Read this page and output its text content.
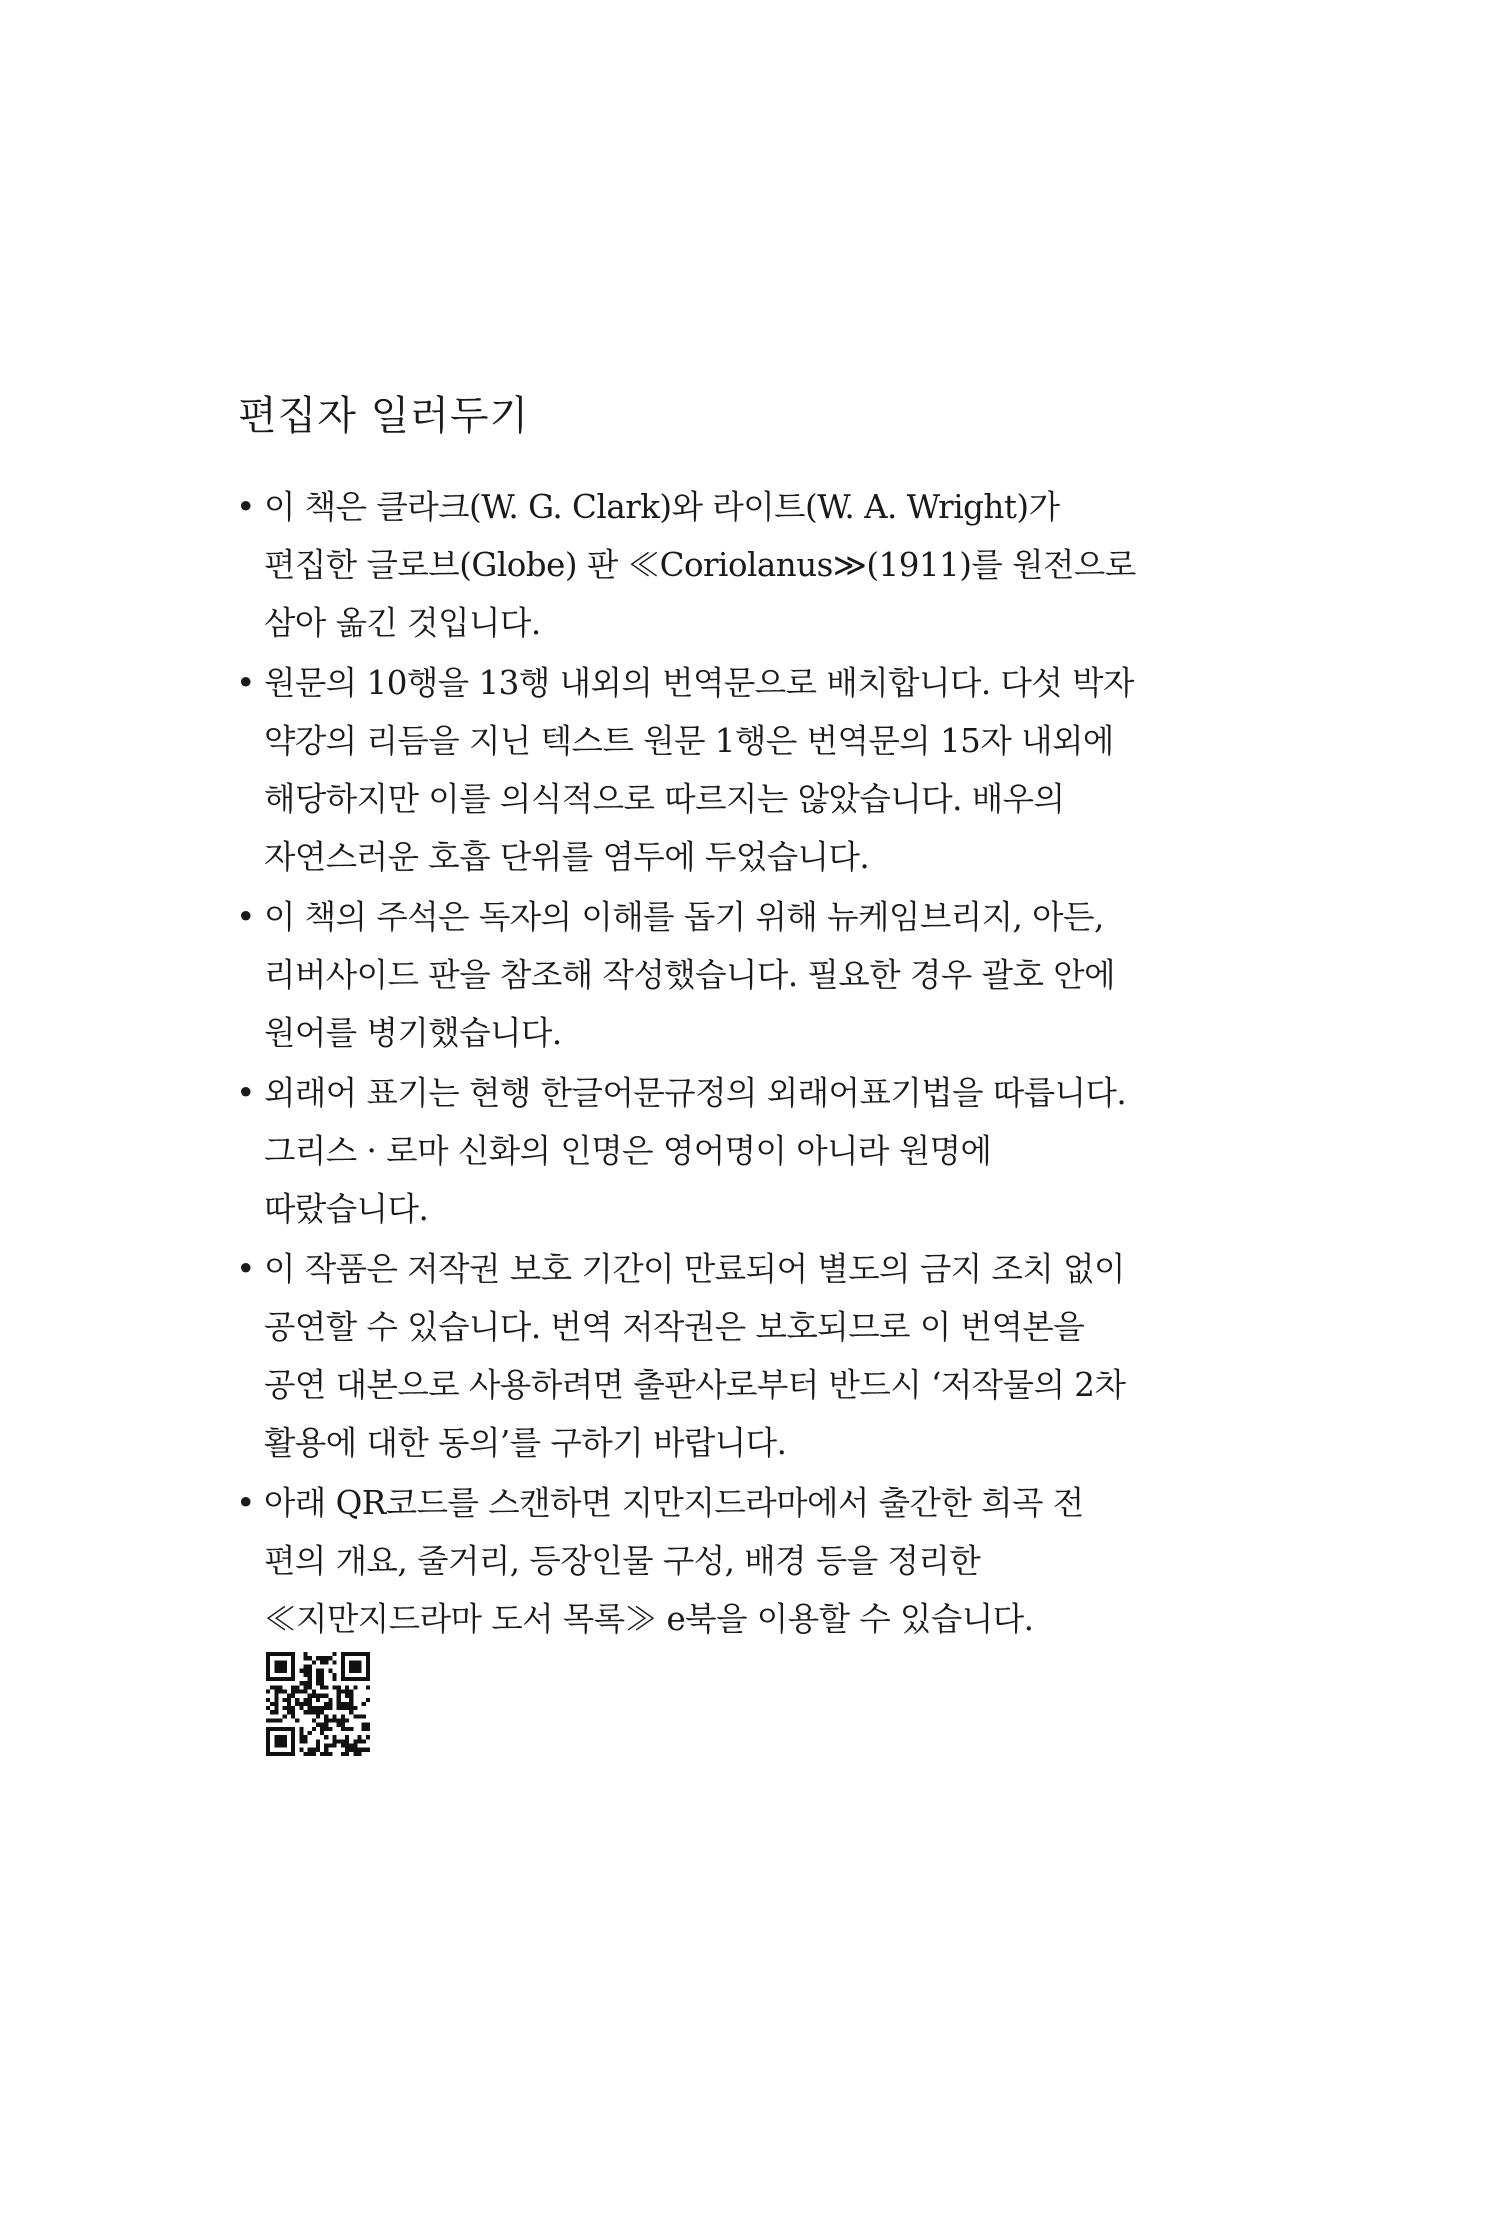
편집자 일러두기
• 이 책은 클라크(W. G. Clark)와 라이트(W. A. Wright)가
편집한 글로브(Globe) 판 ≪Coriolanus≫(1911)를 원전으로
삼아 옮긴 것입니다.
• 원문의 10행을 13행 내외의 번역문으로 배치합니다. 다섯 박자
약강의 리듬을 지닌 텍스트 원문 1행은 번역문의 15자 내외에
해당하지만 이를 의식적으로 따르지는 않았습니다. 배우의
자연스러운 호흡 단위를 염두에 두었습니다.
• 이 책의 주석은 독자의 이해를 돕기 위해 뉴케임브리지, 아든,
리버사이드 판을 참조해 작성했습니다. 필요한 경우 괄호 안에
원어를 병기했습니다.
• 외래어 표기는 현행 한글어문규정의 외래어표기법을 따릅니다.
그리스 · 로마 신화의 인명은 영어명이 아니라 원명에
따랐습니다.
• 이 작품은 저작권 보호 기간이 만료되어 별도의 금지 조치 없이
공연할 수 있습니다. 번역 저작권은 보호되므로 이 번역본을
공연 대본으로 사용하려면 출판사로부터 반드시 ‘저작물의 2차
활용에 대한 동의’를 구하기 바랍니다.
• 아래 QR코드를 스캔하면 지만지드라마에서 출간한 희곡 전
편의 개요, 줄거리, 등장인물 구성, 배경 등을 정리한
≪지만지드라마 도서 목록≫ e북을 이용할 수 있습니다.
